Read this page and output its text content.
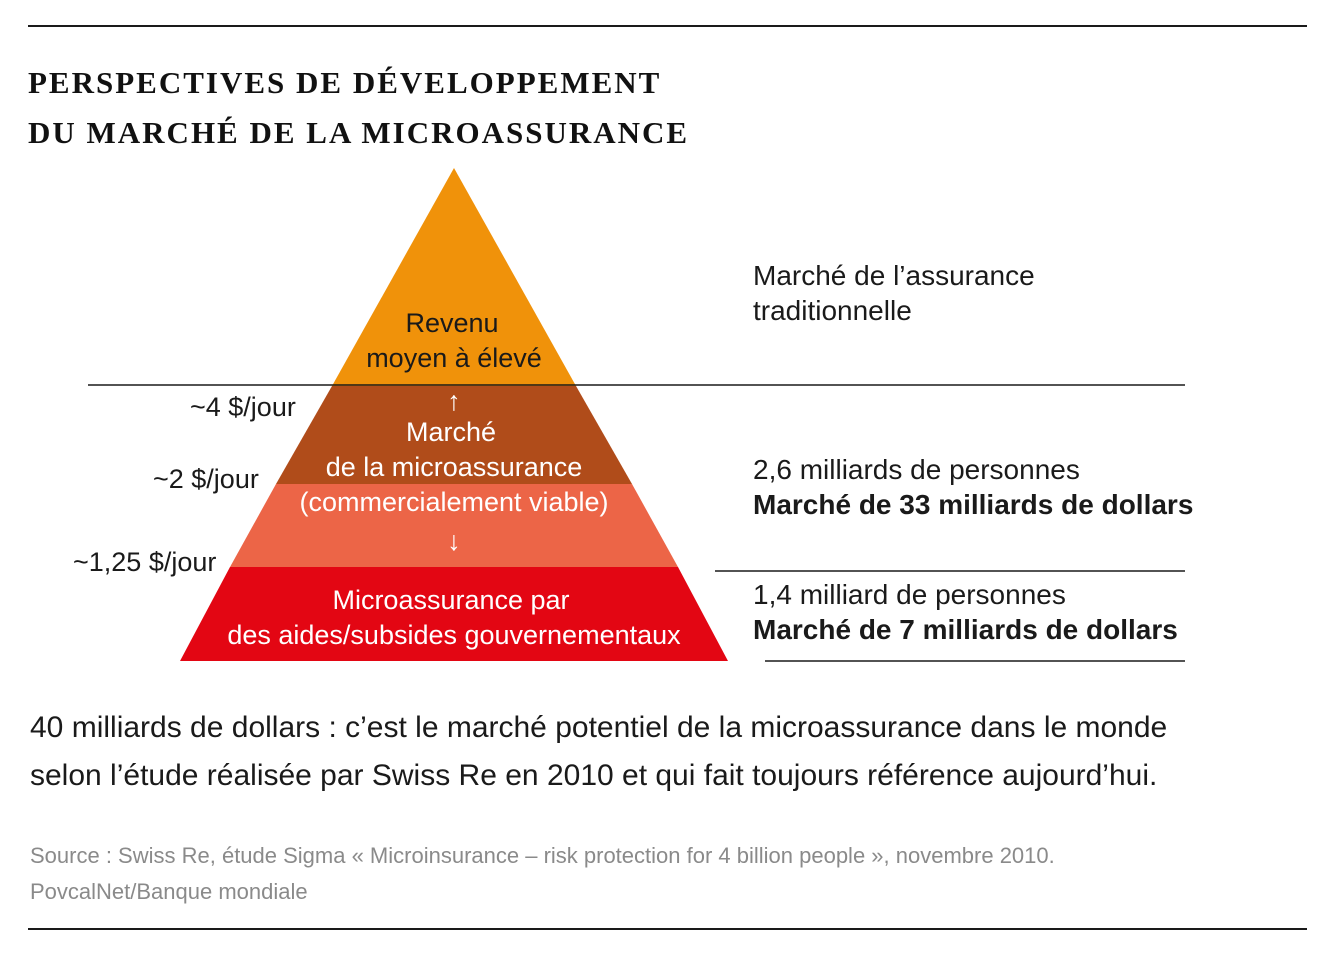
PERSPECTIVES DE DÉVELOPPEMENT
DU MARCHÉ DE LA MICROASSURANCE
Revenu
moyen à élevé
↑
Marché
de la microassurance
(commercialement viable)
↓
Microassurance par
des aides/subsides gouvernementaux
~4 $/jour
~2 $/jour
~1,25 $/jour
Marché de l’assurance
traditionnelle
2,6 milliards de personnes
Marché de 33 milliards de dollars
1,4 milliard de personnes
Marché de 7 milliards de dollars

40 milliards de dollars : c’est le marché potentiel de la microassurance dans le monde
selon l’étude réalisée par Swiss Re en 2010 et qui fait toujours référence aujourd’hui.

Source : Swiss Re, étude Sigma « Microinsurance – risk protection for 4 billion people », novembre 2010.
PovcalNet/Banque mondiale
